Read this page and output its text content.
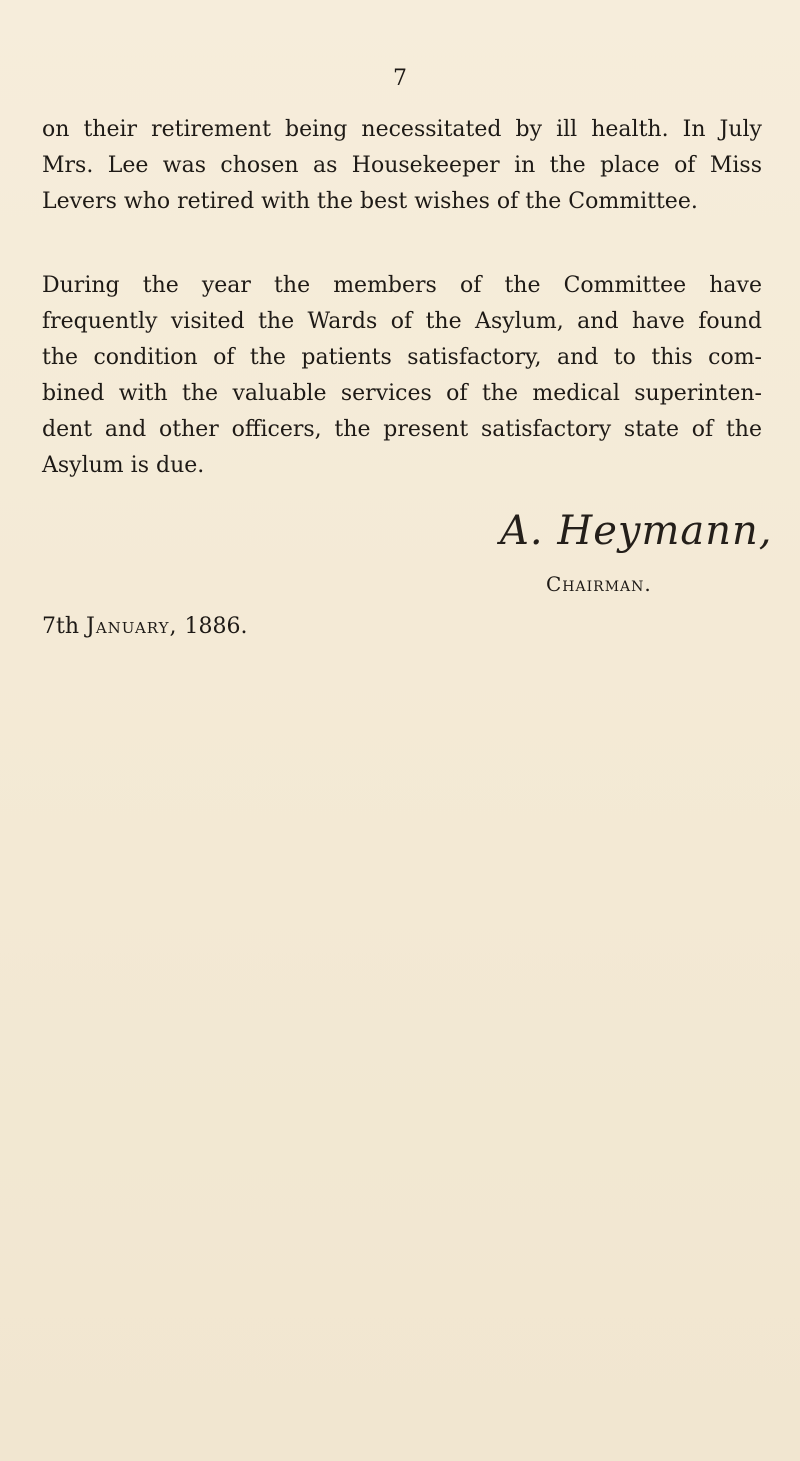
7

on their retirement being necessitated by ill health. In July
Mrs. Lee was chosen as Housekeeper in the place of Miss
Levers who retired with the best wishes of the Committee.

During the year the members of the Committee have
frequently visited the Wards of the Asylum, and have found
the condition of the patients satisfactory, and to this com-
bined with the valuable services of the medical superinten-
dent and other officers, the present satisfactory state of the
Asylum is due.

A. Heymann,
Chairman.
7th January, 1886.
